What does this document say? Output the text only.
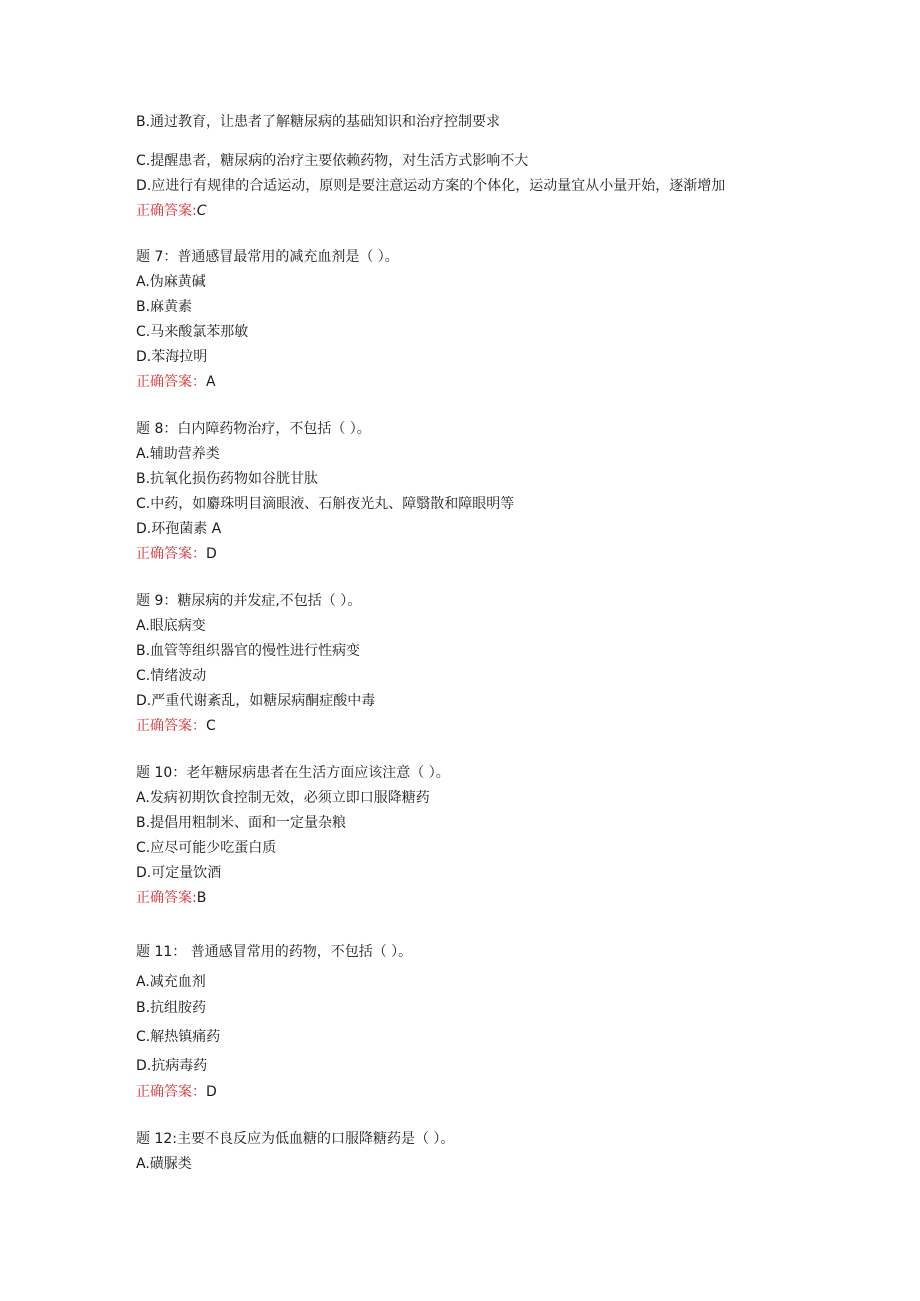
B.通过教育，让患者了解糖尿病的基础知识和治疗控制要求
C.提醒患者，糖尿病的治疗主要依赖药物，对生活方式影响不大
D.应进行有规律的合适运动，原则是要注意运动方案的个体化，运动量宜从小量开始，逐渐增加
正确答案:C
题 7：普通感冒最常用的减充血剂是（ ）。
A.伪麻黄碱
B.麻黄素
C.马来酸氯苯那敏
D.苯海拉明
正确答案：A
题 8：白内障药物治疗，不包括（ ）。
A.辅助营养类
B.抗氧化损伤药物如谷胱甘肽
C.中药，如麝珠明目滴眼液、石斛夜光丸、障翳散和障眼明等
D.环孢菌素 A
正确答案：D
题 9：糖尿病的并发症,不包括（ ）。
A.眼底病变
B.血管等组织器官的慢性进行性病变
C.情绪波动
D.严重代谢紊乱，如糖尿病酮症酸中毒
正确答案：C
题 10：老年糖尿病患者在生活方面应该注意（ ）。
A.发病初期饮食控制无效，必须立即口服降糖药
B.提倡用粗制米、面和一定量杂粮
C.应尽可能少吃蛋白质
D.可定量饮酒
正确答案:B
题 11： 普通感冒常用的药物，不包括（ ）。
A.减充血剂
B.抗组胺药
C.解热镇痛药
D.抗病毒药
正确答案：D
题 12:主要不良反应为低血糖的口服降糖药是（ ）。
A.磺脲类
